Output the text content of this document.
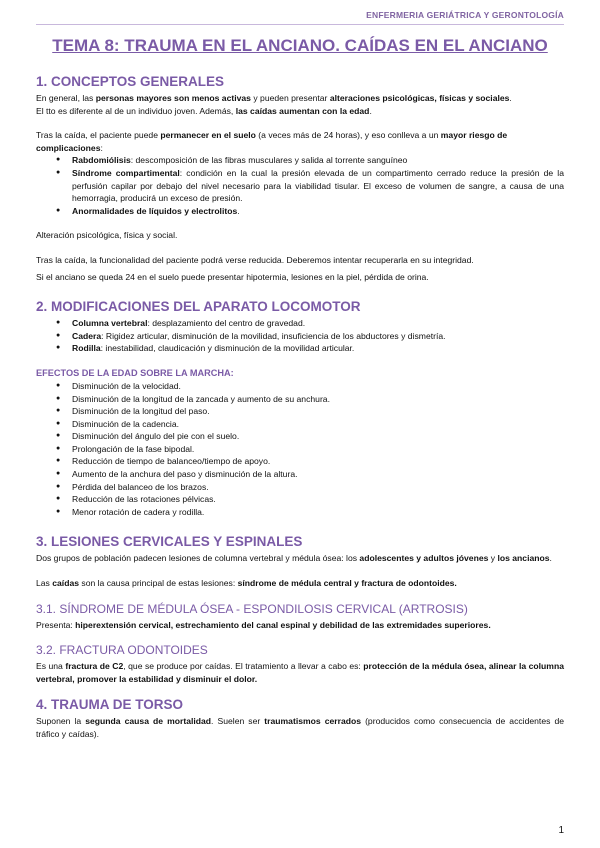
ENFERMERIA GERIÁTRICA Y GERONTOLOGÍA
TEMA 8: TRAUMA EN EL ANCIANO. CAÍDAS EN EL ANCIANO
1. CONCEPTOS GENERALES

En general, las personas mayores son menos activas y pueden presentar alteraciones psicológicas, físicas y sociales.

El tto es diferente al de un individuo joven. Además, las caídas aumentan con la edad.

Tras la caída, el paciente puede permanecer en el suelo (a veces más de 24 horas), y eso conlleva a un mayor riesgo de complicaciones:

● Rabdomiólisis: descomposición de las fibras musculares y salida al torrente sanguíneo
● Síndrome compartimental: condición en la cual la presión elevada de un compartimento cerrado reduce la presión de la perfusión capilar por debajo del nivel necesario para la viabilidad tisular. El exceso de volumen de sangre, a causa de una hemorragia, producirá un exceso de presión.
● Anormalidades de líquidos y electrolitos.

Alteración psicológica, física y social.

Tras la caída, la funcionalidad del paciente podrá verse reducida. Deberemos intentar recuperarla en su integridad.

Si el anciano se queda 24 en el suelo puede presentar hipotermia, lesiones en la piel, pérdida de orina.

2. MODIFICACIONES DEL APARATO LOCOMOTOR
● Columna vertebral: desplazamiento del centro de gravedad.
● Cadera: Rigidez articular, disminución de la movilidad, insuficiencia de los abductores y dismetría.
● Rodilla: inestabilidad, claudicación y disminución de la movilidad articular.
EFECTOS DE LA EDAD SOBRE LA MARCHA:
● Disminución de la velocidad.
● Disminución de la longitud de la zancada y aumento de su anchura.
● Disminución de la longitud del paso.
● Disminución de la cadencia.
● Disminución del ángulo del pie con el suelo.
● Prolongación de la fase bipodal.
● Reducción de tiempo de balanceo/tiempo de apoyo.
● Aumento de la anchura del paso y disminución de la altura.
● Pérdida del balanceo de los brazos.
● Reducción de las rotaciones pélvicas.
● Menor rotación de cadera y rodilla.
3. LESIONES CERVICALES Y ESPINALES

Dos grupos de población padecen lesiones de columna vertebral y médula ósea: los adolescentes y adultos jóvenes y los ancianos.

Las caídas son la causa principal de estas lesiones: síndrome de médula central y fractura de odontoides.

3.1. SÍNDROME DE MÉDULA ÓSEA - ESPONDILOSIS CERVICAL (ARTROSIS)

Presenta: hiperextensión cervical, estrechamiento del canal espinal y debilidad de las extremidades superiores.

3.2. FRACTURA ODONTOIDES

Es una fractura de C2, que se produce por caídas. El tratamiento a llevar a cabo es: protección de la médula ósea, alinear la columna vertebral, promover la estabilidad y disminuir el dolor.

4. TRAUMA DE TORSO

Suponen la segunda causa de mortalidad. Suelen ser traumatismos cerrados (producidos como consecuencia de accidentes de tráfico y caídas).

1
